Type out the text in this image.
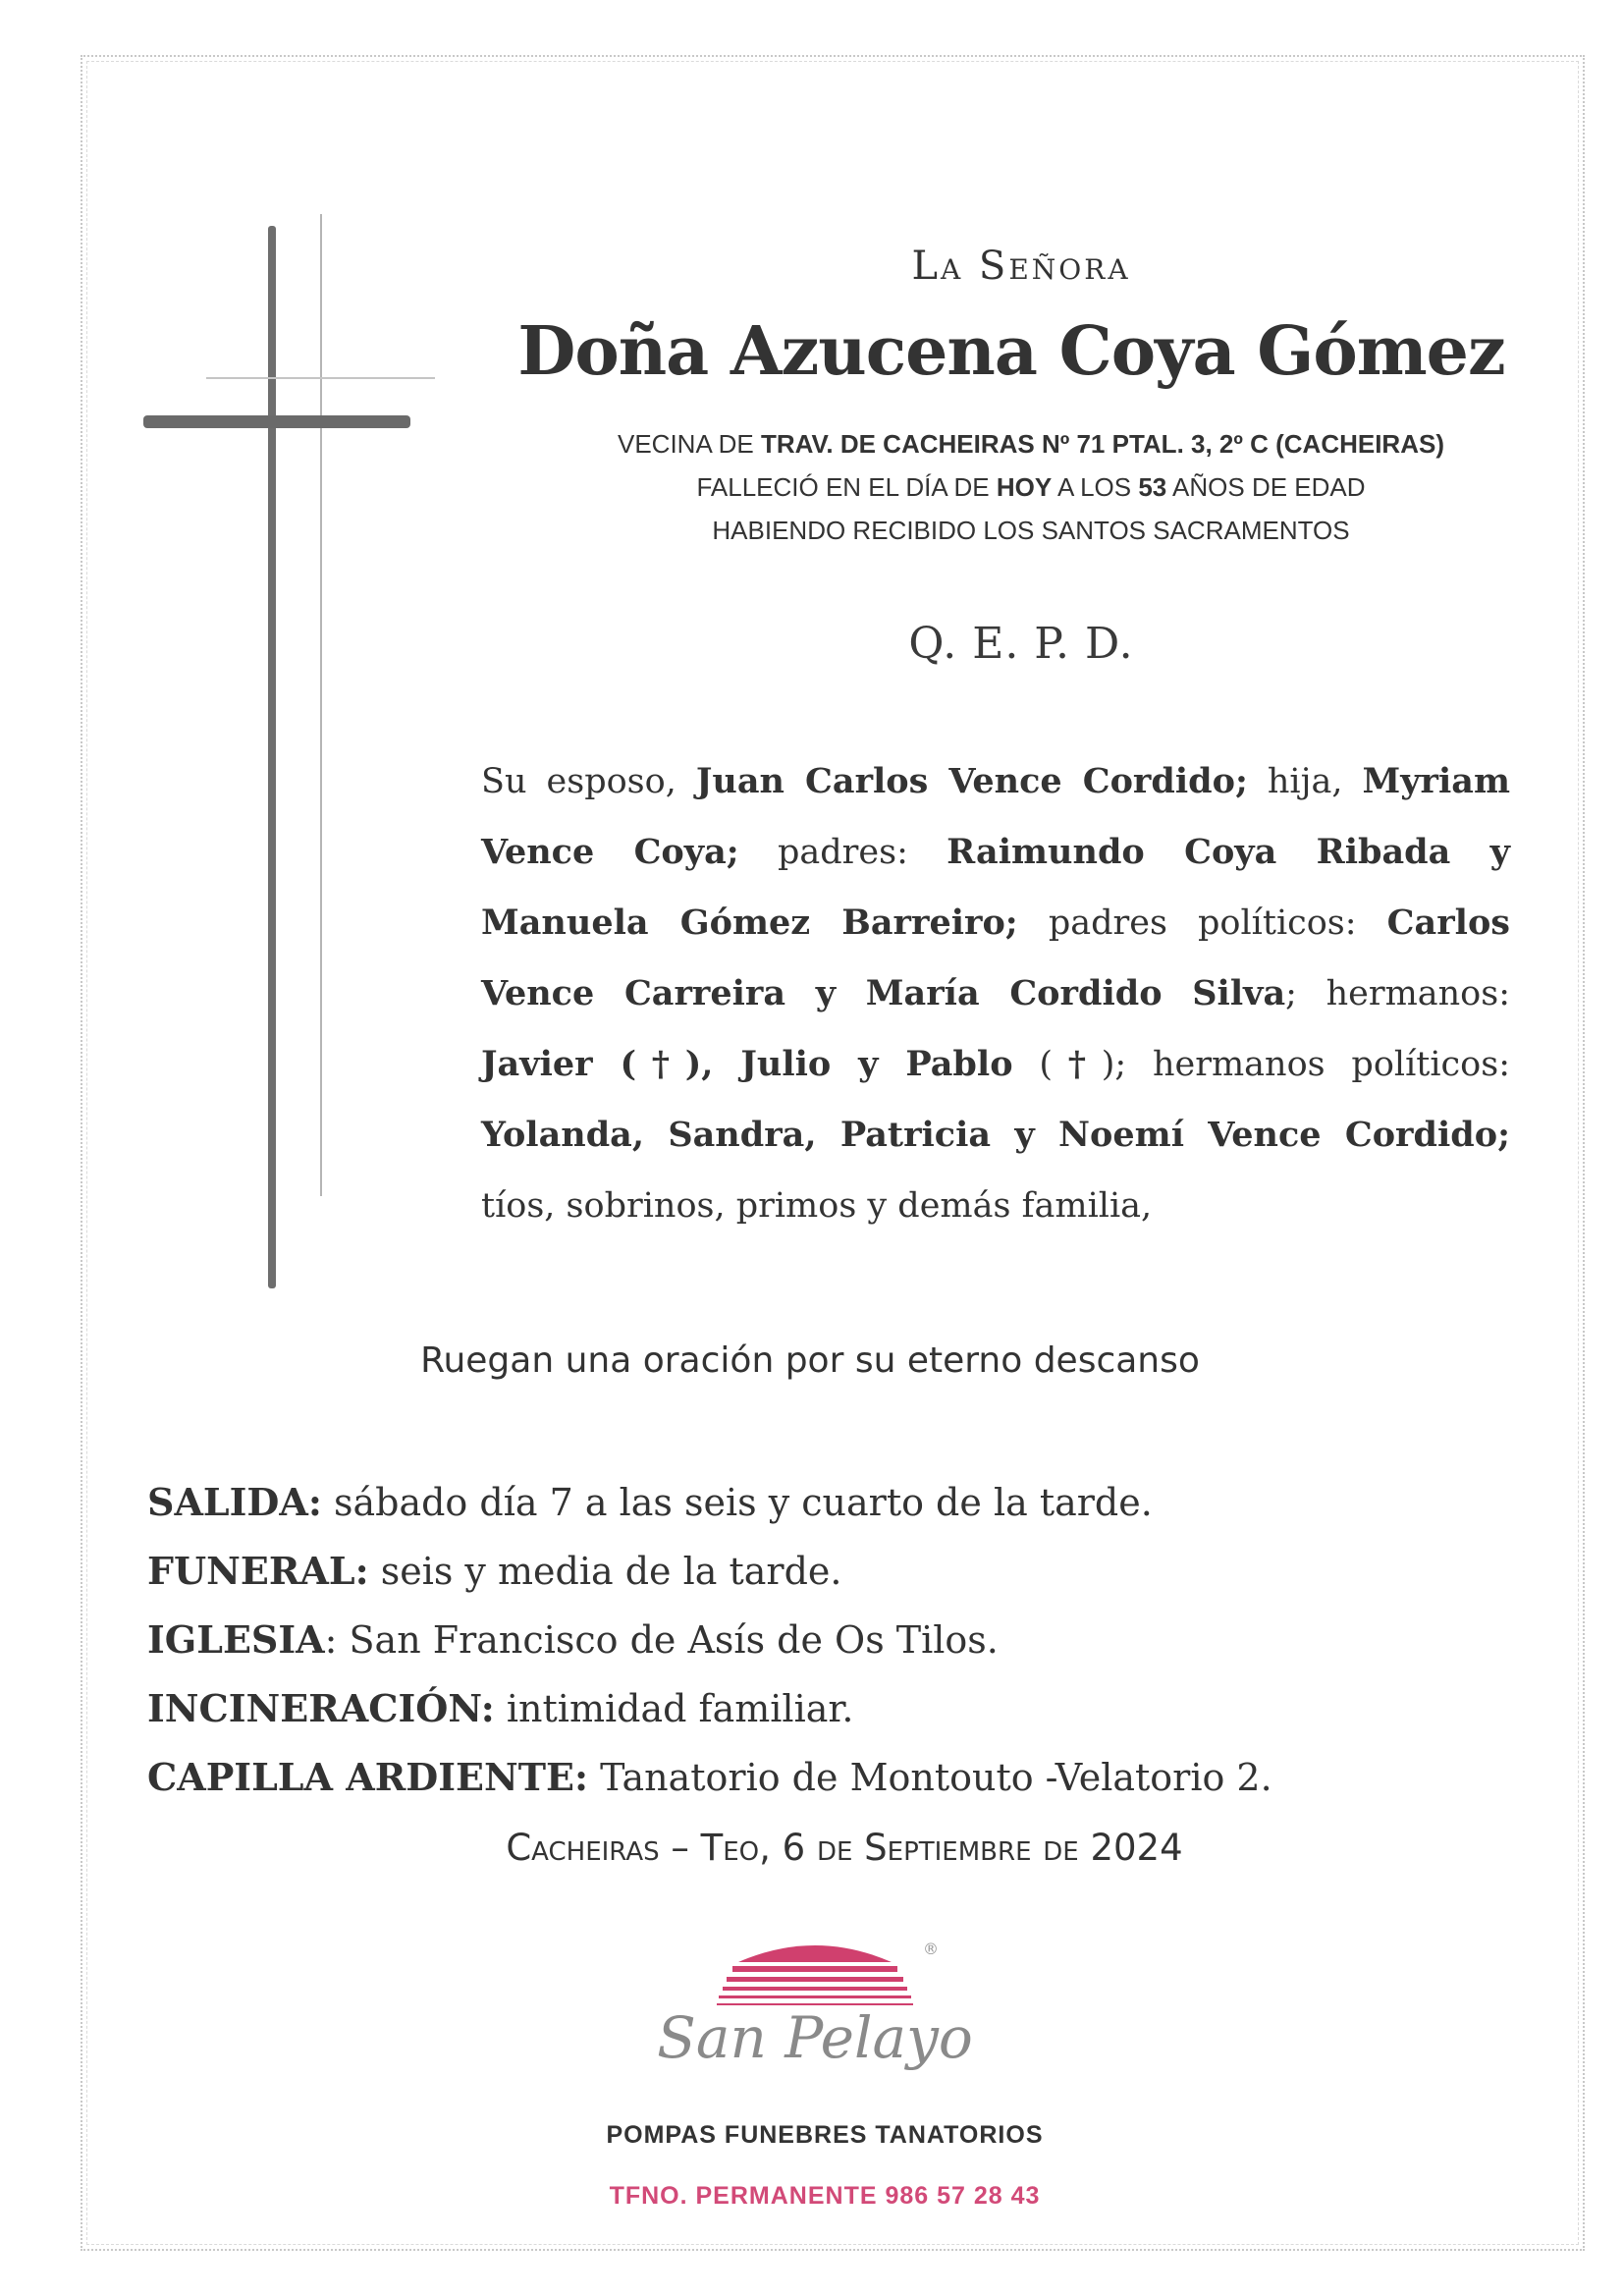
La Señora
Doña Azucena Coya Gómez
VECINA DE TRAV. DE CACHEIRAS Nº 71 PTAL. 3, 2º C (CACHEIRAS)
FALLECIÓ EN EL DÍA DE HOY A LOS 53 AÑOS DE EDAD
HABIENDO RECIBIDO LOS SANTOS SACRAMENTOS
Q. E. P. D.
Su esposo, Juan Carlos Vence Cordido; hija, Myriam Vence Coya; padres: Raimundo Coya Ribada y Manuela Gómez Barreiro; padres políticos: Carlos Vence Carreira y María Cordido Silva; hermanos: Javier (†), Julio y Pablo (†); hermanos políticos: Yolanda, Sandra, Patricia y Noemí Vence Cordido; tíos, sobrinos, primos y demás familia,
Ruegan una oración por su eterno descanso
SALIDA: sábado día 7 a las seis y cuarto de la tarde.
FUNERAL: seis y media de la tarde.
IGLESIA: San Francisco de Asís de Os Tilos.
INCINERACIÓN: intimidad familiar.
CAPILLA ARDIENTE: Tanatorio de Montouto -Velatorio 2.
Cacheiras – Teo, 6 de Septiembre de 2024
®
San Pelayo
POMPAS FUNEBRES TANATORIOS
TFNO. PERMANENTE 986 57 28 43
